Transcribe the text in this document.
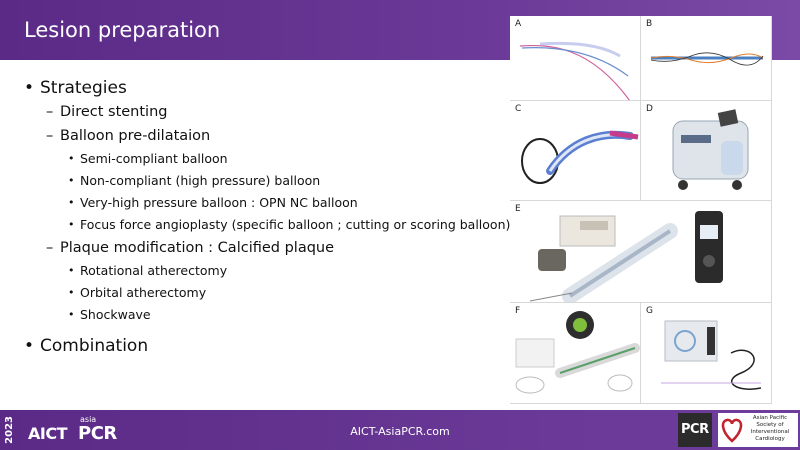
Lesion preparation
• Strategies
– Direct stenting
– Balloon pre-dilataion
• Semi-compliant balloon
• Non-compliant (high pressure) balloon
• Very-high pressure balloon : OPN NC balloon
• Focus force angioplasty (specific balloon ; cutting or scoring balloon)
– Plaque modification : Calcified plaque
• Rotational atherectomy
• Orbital atherectomy
• Shockwave
• Combination
A	B
C	D
E
F	G
2023 AICT
asia
PCR	AICT-AsiaPCR.com	PCR
Asian Pacific
Society of
Interventional
Cardiology
